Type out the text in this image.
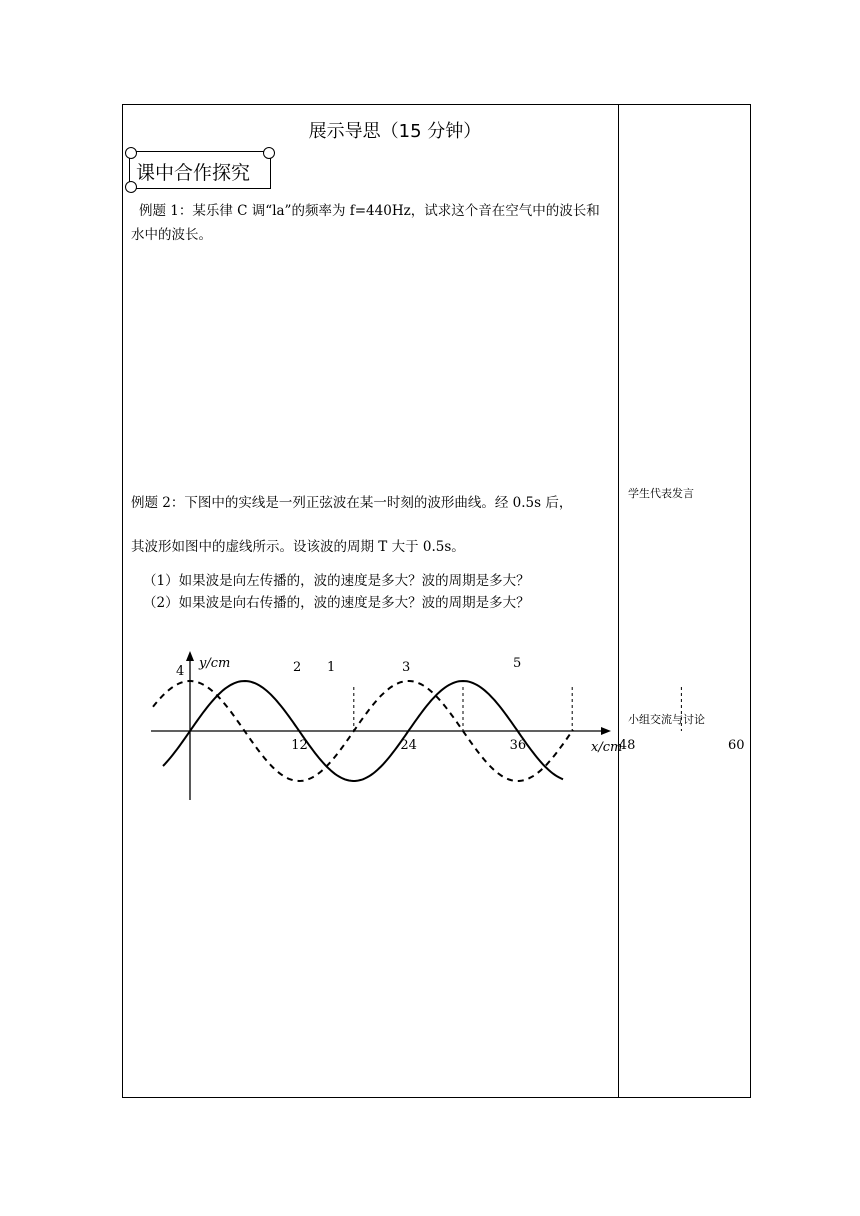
展示导思（15 分钟）
课中合作探究
例题 1：某乐律 C 调“la”的频率为 f=440Hz，试求这个音在空气中的波长和水中的波长。
例题 2：下图中的实线是一列正弦波在某一时刻的波形曲线。经 0.5s 后，
其波形如图中的虚线所示。设该波的周期 T 大于 0.5s。
（1）如果波是向左传播的，波的速度是多大？波的周期是多大？
（2）如果波是向右传播的，波的速度是多大？波的周期是多大？
y/cm
x/cm
12	24	36	48	60
4	2 1	3	5
学生代表发言
小组交流与讨论
